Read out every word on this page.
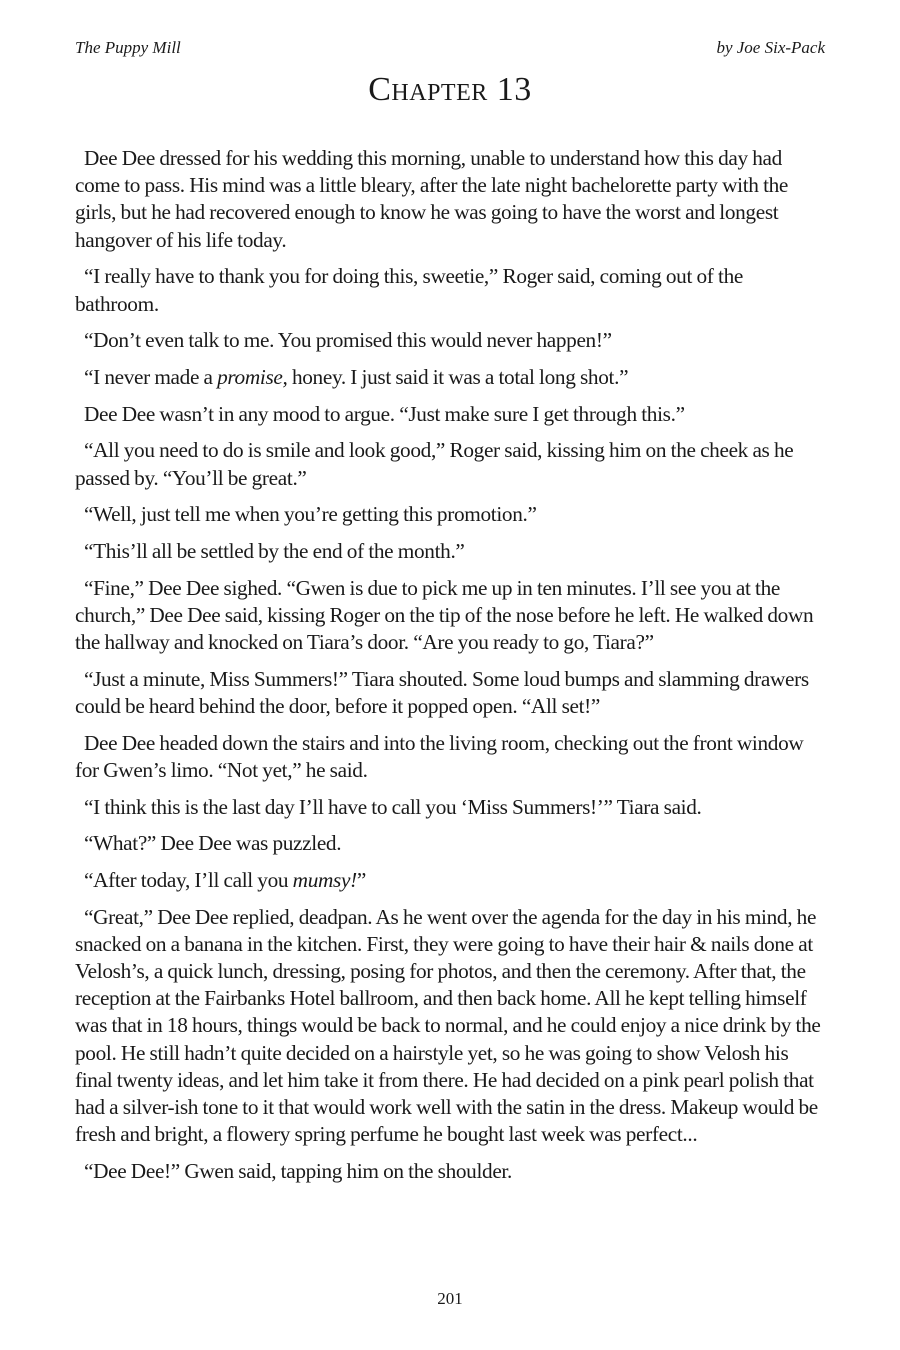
The Puppy Mill	by Joe Six-Pack
Chapter 13

Dee Dee dressed for his wedding this morning, unable to understand how this day had come to pass. His mind was a little bleary, after the late night bachelorette party with the girls, but he had recovered enough to know he was going to have the worst and longest hangover of his life today.

“I really have to thank you for doing this, sweetie,” Roger said, coming out of the bathroom.

“Don’t even talk to me. You promised this would never happen!”

“I never made a promise, honey. I just said it was a total long shot.”

Dee Dee wasn’t in any mood to argue. “Just make sure I get through this.”

“All you need to do is smile and look good,” Roger said, kissing him on the cheek as he passed by. “You’ll be great.”

“Well, just tell me when you’re getting this promotion.”

“This’ll all be settled by the end of the month.”

“Fine,” Dee Dee sighed. “Gwen is due to pick me up in ten minutes. I’ll see you at the church,” Dee Dee said, kissing Roger on the tip of the nose before he left. He walked down the hallway and knocked on Tiara’s door. “Are you ready to go, Tiara?”

“Just a minute, Miss Summers!” Tiara shouted. Some loud bumps and slamming drawers could be heard behind the door, before it popped open. “All set!”

Dee Dee headed down the stairs and into the living room, checking out the front window for Gwen’s limo. “Not yet,” he said.

“I think this is the last day I’ll have to call you ‘Miss Summers!’” Tiara said.

“What?” Dee Dee was puzzled.

“After today, I’ll call you mumsy!”

“Great,” Dee Dee replied, deadpan. As he went over the agenda for the day in his mind, he snacked on a banana in the kitchen. First, they were going to have their hair & nails done at Velosh’s, a quick lunch, dressing, posing for photos, and then the ceremony. After that, the reception at the Fairbanks Hotel ballroom, and then back home. All he kept telling himself was that in 18 hours, things would be back to normal, and he could enjoy a nice drink by the pool. He still hadn’t quite decided on a hairstyle yet, so he was going to show Velosh his final twenty ideas, and let him take it from there. He had decided on a pink pearl polish that had a silver-ish tone to it that would work well with the satin in the dress. Makeup would be fresh and bright, a flowery spring perfume he bought last week was perfect...

“Dee Dee!” Gwen said, tapping him on the shoulder.

201
